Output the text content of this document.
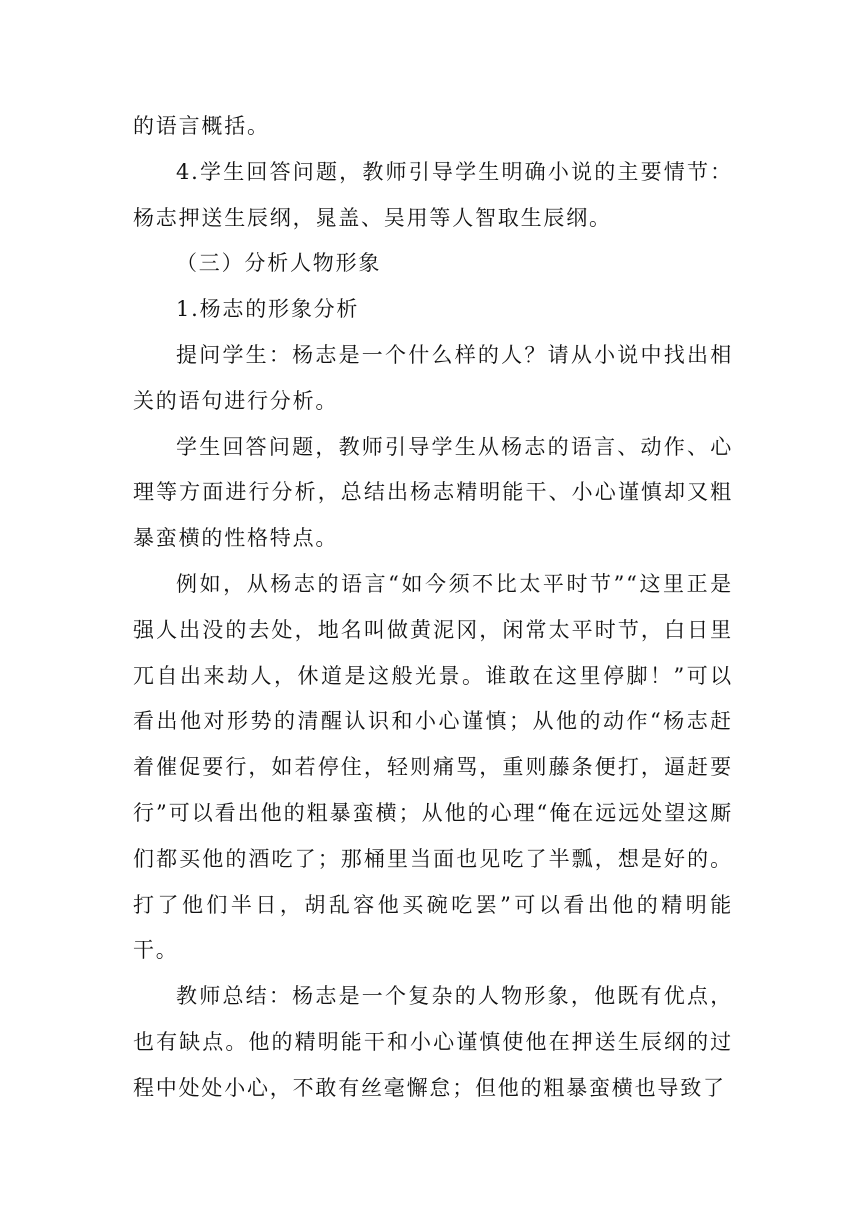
的语言概括。

4.学生回答问题，教师引导学生明确小说的主要情节：杨志押送生辰纲，晁盖、吴用等人智取生辰纲。

（三）分析人物形象

1.杨志的形象分析

提问学生：杨志是一个什么样的人？请从小说中找出相关的语句进行分析。

学生回答问题，教师引导学生从杨志的语言、动作、心理等方面进行分析，总结出杨志精明能干、小心谨慎却又粗暴蛮横的性格特点。

例如，从杨志的语言“如今须不比太平时节”“这里正是强人出没的去处，地名叫做黄泥冈，闲常太平时节，白日里兀自出来劫人，休道是这般光景。谁敢在这里停脚！”可以看出他对形势的清醒认识和小心谨慎；从他的动作“杨志赶着催促要行，如若停住，轻则痛骂，重则藤条便打，逼赶要行”可以看出他的粗暴蛮横；从他的心理“俺在远远处望这厮们都买他的酒吃了；那桶里当面也见吃了半瓢，想是好的。打了他们半日，胡乱容他买碗吃罢”可以看出他的精明能干。

教师总结：杨志是一个复杂的人物形象，他既有优点，也有缺点。他的精明能干和小心谨慎使他在押送生辰纲的过程中处处小心，不敢有丝毫懈怠；但他的粗暴蛮横也导致了
